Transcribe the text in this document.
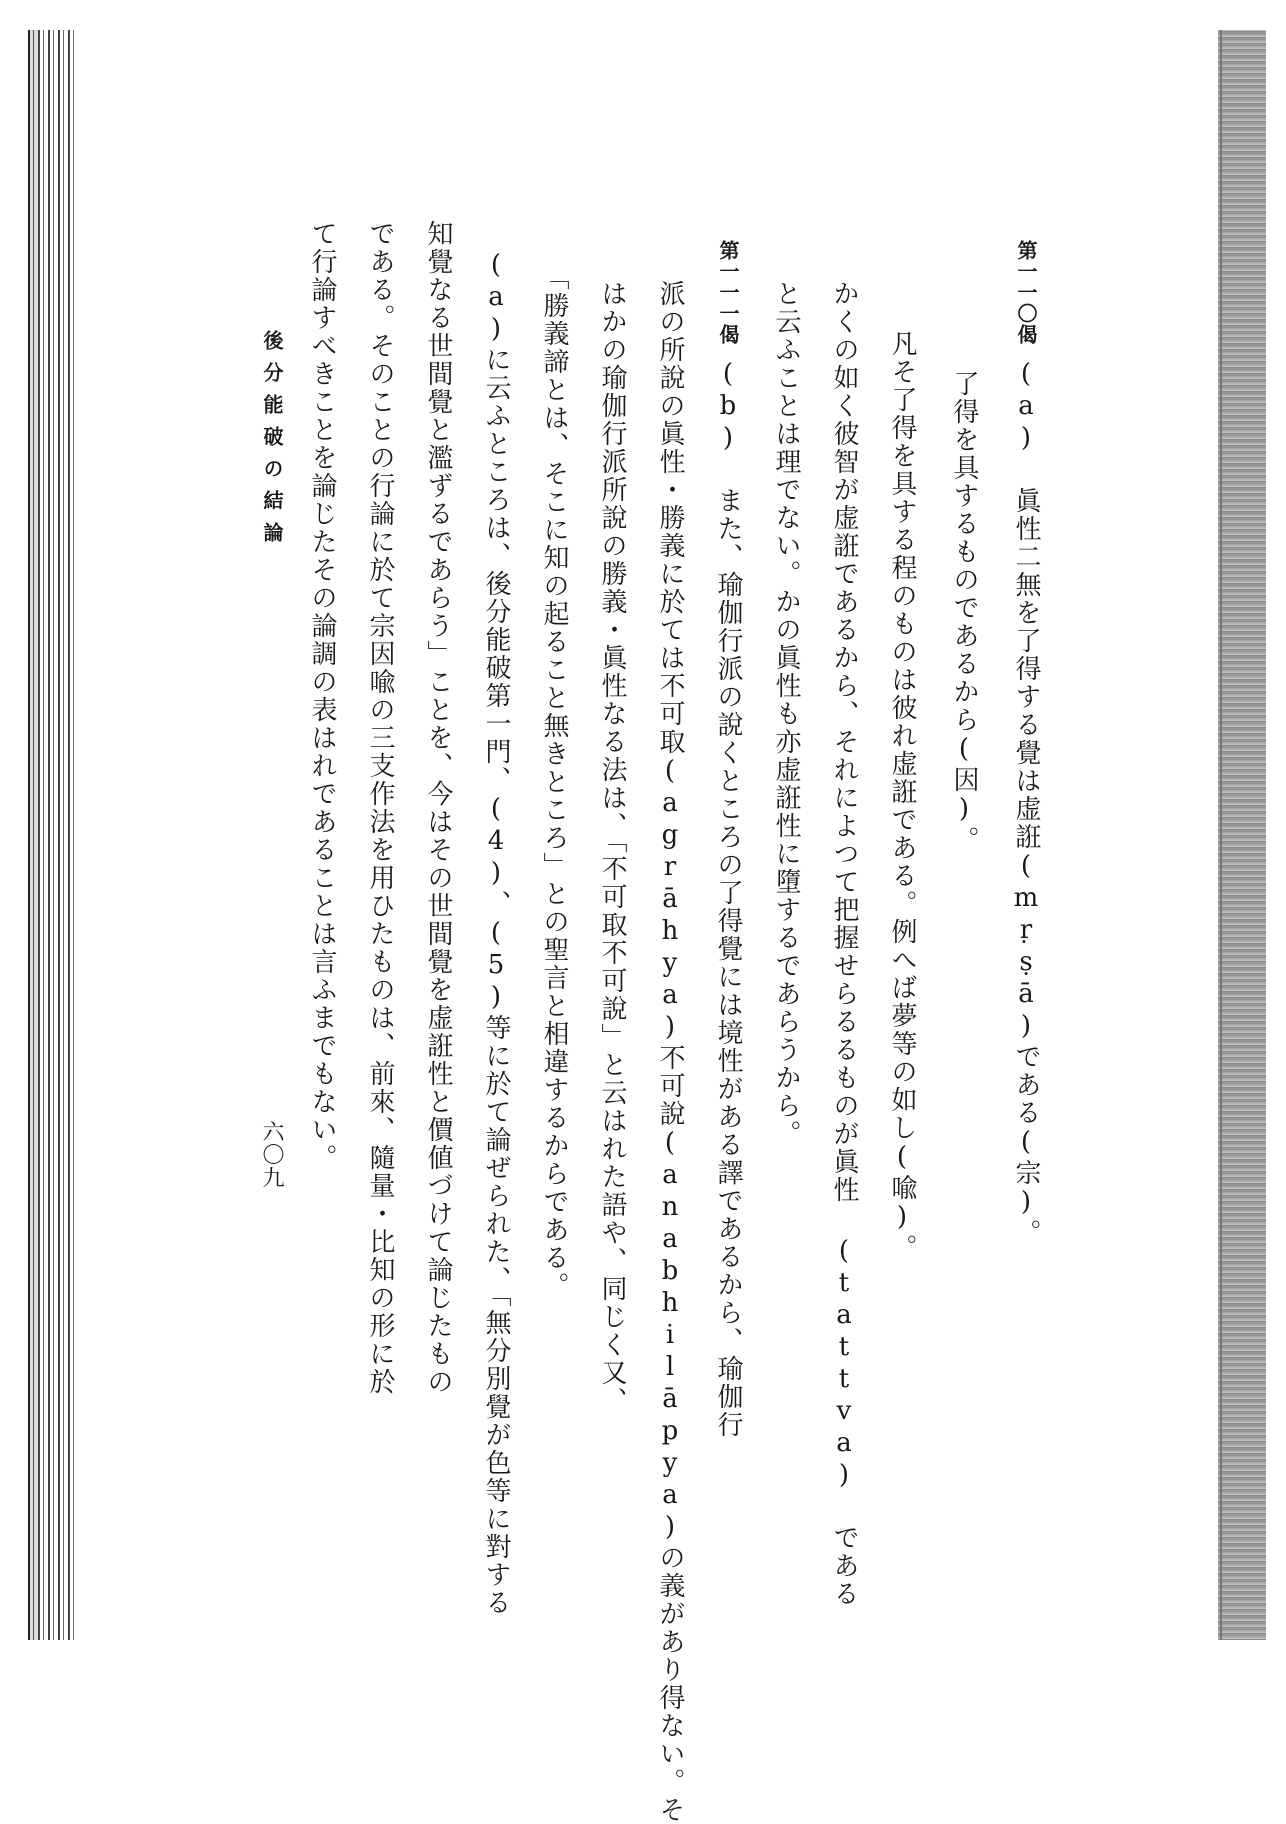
第一一〇偈(a) 眞性二無を了得する覺は虚誑(mṛṣā)である(宗)。
了得を具するものであるから(因)。
凡そ了得を具する程のものは彼れ虚誑である。例へば夢等の如し(喩)。
かくの如く彼智が虚誑であるから、それによつて把握せらるるものが眞性 (tattva) である
と云ふことは理でない。かの眞性も亦虚誑性に墮するであらうから。
第一一一偈(b) また、瑜伽行派の說くところの了得覺には境性がある譯であるから、瑜伽行
派の所說の眞性・勝義に於ては不可取(agrāhya)不可說(anabhilāpya)の義があり得ない。そ
はかの瑜伽行派所說の勝義・眞性なる法は、「不可取不可說」と云はれた語や、同じく又、
「勝義諦とは、そこに知の起ること無きところ」との聖言と相違するからである。
(a)に云ふところは、後分能破第一門、(4)、(5)等に於て論ぜられた、「無分別覺が色等に對する
知覺なる世間覺と濫ずるであらう」ことを、今はその世間覺を虚誑性と價値づけて論じたもの
である。そのことの行論に於て宗因喩の三支作法を用ひたものは、前來、隨量・比知の形に於
て行論すべきことを論じたその論調の表はれであることは言ふまでもない。
後分能破の結論
六〇九
